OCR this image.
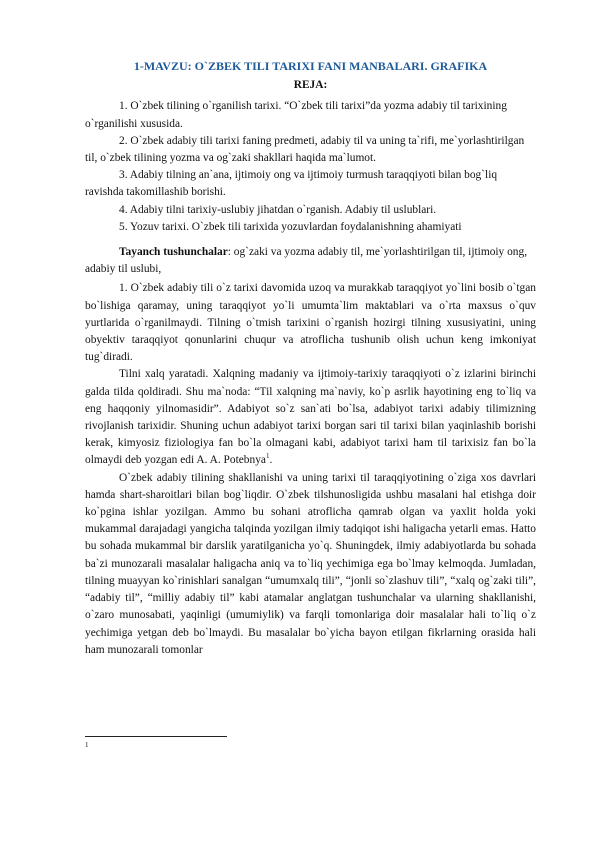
1-MAVZU: O`ZBEK TILI TARIXI FANI MANBALARI. GRAFIKA
REJA:

1. O`zbek tilining o`rganilish tarixi. “O`zbek tili tarixi”da yozma adabiy til tarixining o`rganilishi xususida.

2. O`zbek adabiy tili tarixi faning predmeti, adabiy til va uning ta`rifi, me`yorlashtirilgan til, o`zbek tilining yozma va og`zaki shakllari haqida ma`lumot.

3. Adabiy tilning an`ana, ijtimoiy ong va ijtimoiy turmush taraqqiyoti bilan bog`liq ravishda takomillashib borishi.

4. Adabiy tilni tarixiy-uslubiy jihatdan o`rganish. Adabiy til uslublari.

5. Yozuv tarixi. O`zbek tili tarixida yozuvlardan foydalanishning ahamiyati

Tayanch tushunchalar: og`zaki va yozma adabiy til, me`yorlashtirilgan til, ijtimoiy ong, adabiy til uslubi,

1. O`zbek adabiy tili o`z tarixi davomida uzoq va murakkab taraqqiyot yo`lini bosib o`tgan bo`lishiga qaramay, uning taraqqiyot yo`li umumta`lim maktablari va o`rta maxsus o`quv yurtlarida o`rganilmaydi. Tilning o`tmish tarixini o`rganish hozirgi tilning xususiyatini, uning obyektiv taraqqiyot qonunlarini chuqur va atroflicha tushunib olish uchun keng imkoniyat tug`diradi.

Tilni xalq yaratadi. Xalqning madaniy va ijtimoiy-tarixiy taraqqiyoti o`z izlarini birinchi galda tilda qoldiradi. Shu ma`noda: “Til xalqning ma`naviy, ko`p asrlik hayotining eng to`liq va eng haqqoniy yilnomasidir”. Adabiyot so`z san`ati bo`lsa, adabiyot tarixi adabiy tilimizning rivojlanish tarixidir. Shuning uchun adabiyot tarixi borgan sari til tarixi bilan yaqinlashib borishi kerak, kimyosiz fiziologiya fan bo`la olmagani kabi, adabiyot tarixi ham til tarixisiz fan bo`la olmaydi deb yozgan edi A. A. Potebnya$^1$.

O`zbek adabiy tilining shakllanishi va uning tarixi til taraqqiyotining o`ziga xos davrlari hamda shart-sharoitlari bilan bog`liqdir. O`zbek tilshunosligida ushbu masalani hal etishga doir ko`pgina ishlar yozilgan. Ammo bu sohani atroflicha qamrab olgan va yaxlit holda yoki mukammal darajadagi yangicha talqinda yozilgan ilmiy tadqiqot ishi haligacha yetarli emas. Hatto bu sohada mukammal bir darslik yaratilganicha yo`q. Shuningdek, ilmiy adabiyotlarda bu sohada ba`zi munozarali masalalar haligacha aniq va to`liq yechimiga ega bo`lmay kelmoqda. Jumladan, tilning muayyan ko`rinishlari sanalgan “umumxalq tili”, “jonli so`zlashuv tili”, “xalq og`zaki tili”, “adabiy til”, “milliy adabiy til” kabi atamalar anglatgan tushunchalar va ularning shakllanishi, o`zaro munosabati, yaqinligi (umumiylik) va farqli tomonlariga doir masalalar hali to`liq o`z yechimiga yetgan deb bo`lmaydi. Bu masalalar bo`yicha bayon etilgan fikrlarning orasida hali ham munozarali tomonlar

1
